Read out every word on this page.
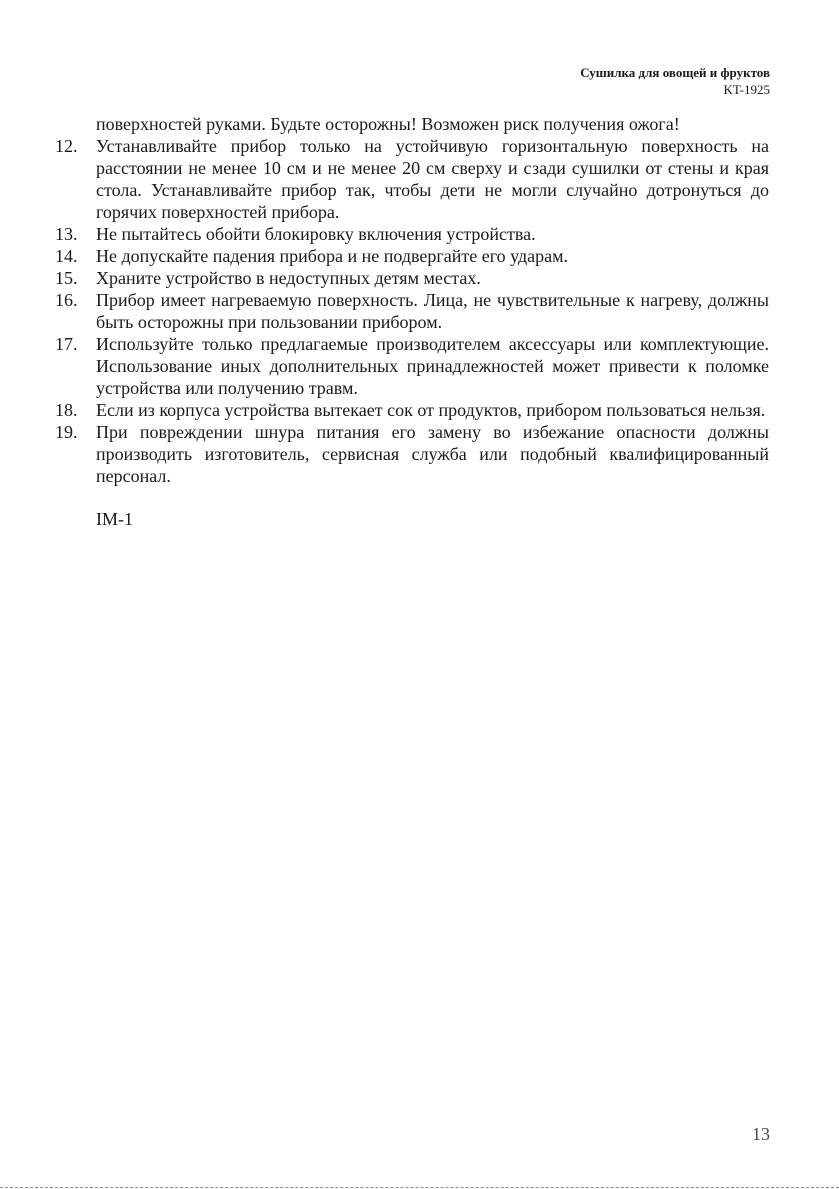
Сушилка для овощей и фруктов
KT-1925
поверхностей руками. Будьте осторожны! Возможен риск получения ожога!
12.	Устанавливайте прибор только на устойчивую горизонтальную поверхность на расстоянии не менее 10 см и не менее 20 см сверху и сзади сушилки от стены и края стола. Устанавливайте прибор так, чтобы дети не могли случайно дотронуться до горячих поверхностей прибора.
13.	Не пытайтесь обойти блокировку включения устройства.
14.	Не допускайте падения прибора и не подвергайте его ударам.
15.	Храните устройство в недоступных детям местах.
16.	Прибор имеет нагреваемую поверхность. Лица, не чувствительные к нагреву, должны быть осторожны при пользовании прибором.
17.	Используйте только предлагаемые производителем аксессуары или комплектующие. Использование иных дополнительных принадлежностей может привести к поломке устройства или получению травм.
18.	Если из корпуса устройства вытекает сок от продуктов, прибором пользоваться нельзя.
19.	При повреждении шнура питания его замену во избежание опасности должны производить изготовитель, сервисная служба или подобный квалифицированный персонал.
IM-1
13
